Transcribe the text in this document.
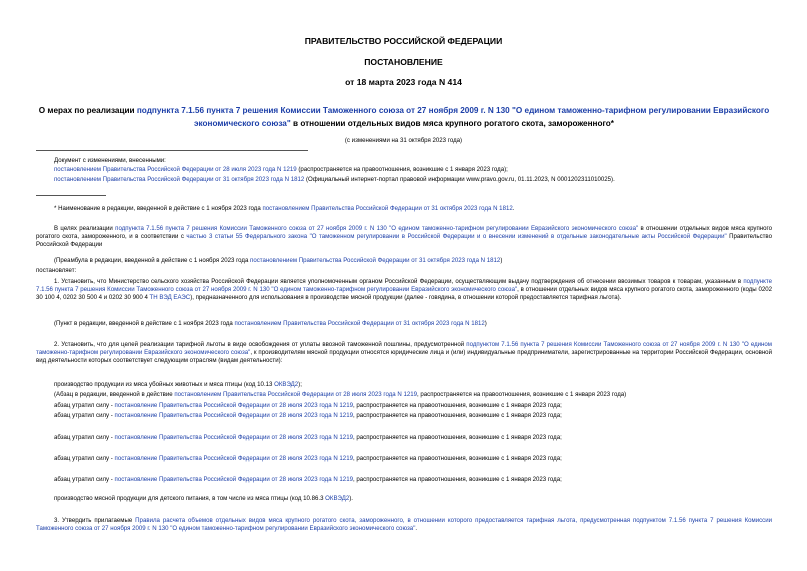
ПРАВИТЕЛЬСТВО РОССИЙСКОЙ ФЕДЕРАЦИИ
ПОСТАНОВЛЕНИЕ
от 18 марта 2023 года N 414
О мерах по реализации подпункта 7.1.56 пункта 7 решения Комиссии Таможенного союза от 27 ноября 2009 г. N 130 "О едином таможенно-тарифном регулировании Евразийского экономического союза" в отношении отдельных видов мяса крупного рогатого скота, замороженного*
(с изменениями на 31 октября 2023 года)
Документ с изменениями, внесенными:
постановлением Правительства Российской Федерации от 28 июля 2023 года N 1219 (распространяется на правоотношения, возникшие с 1 января 2023 года);
постановлением Правительства Российской Федерации от 31 октября 2023 года N 1812 (Официальный интернет-портал правовой информации www.pravo.gov.ru, 01.11.2023, N 0001202311010025).
* Наименование в редакции, введенной в действие с 1 ноября 2023 года постановлением Правительства Российской Федерации от 31 октября 2023 года N 1812.
В целях реализации подпункта 7.1.56 пункта 7 решения Комиссии Таможенного союза от 27 ноября 2009 г. N 130 "О едином таможенно-тарифном регулировании Евразийского экономического союза" в отношении отдельных видов мяса крупного рогатого скота, замороженного, и в соответствии с частью 3 статьи 55 Федерального закона "О таможенном регулировании в Российской Федерации и о внесении изменений в отдельные законодательные акты Российской Федерации" Правительство Российской Федерации
(Преамбула в редакции, введенной в действие с 1 ноября 2023 года постановлением Правительства Российской Федерации от 31 октября 2023 года N 1812)
постановляет:
1. Установить, что Министерство сельского хозяйства Российской Федерации является уполномоченным органом Российской Федерации, осуществляющим выдачу подтверждения об отнесении ввозимых товаров к товарам, указанным в подпункте 7.1.56 пункта 7 решения Комиссии Таможенного союза от 27 ноября 2009 г. N 130 "О едином таможенно-тарифном регулировании Евразийского экономического союза", в отношении отдельных видов мяса крупного рогатого скота, замороженного (коды 0202 30 100 4, 0202 30 500 4 и 0202 30 900 4 ТН ВЭД ЕАЭС), предназначенного для использования в производстве мясной продукции (далее - говядина, в отношении которой предоставляется тарифная льгота).
(Пункт в редакции, введенной в действие с 1 ноября 2023 года постановлением Правительства Российской Федерации от 31 октября 2023 года N 1812)
2. Установить, что для целей реализации тарифной льготы в виде освобождения от уплаты ввозной таможенной пошлины, предусмотренной подпунктом 7.1.56 пункта 7 решения Комиссии Таможенного союза от 27 ноября 2009 г. N 130 "О едином таможенно-тарифном регулировании Евразийского экономического союза", к производителям мясной продукции относятся юридические лица и (или) индивидуальные предприниматели, зарегистрированные на территории Российской Федерации, основной вид деятельности которых соответствует следующим отраслям (видам деятельности):
производство продукции из мяса убойных животных и мяса птицы (код 10.13 ОКВЭД2);
(Абзац в редакции, введенной в действие постановлением Правительства Российской Федерации от 28 июля 2023 года N 1219, распространяется на правоотношения, возникшие с 1 января 2023 года)
абзац утратил силу - постановление Правительства Российской Федерации от 28 июля 2023 года N 1219, распространяется на правоотношения, возникшие с 1 января 2023 года;
абзац утратил силу - постановление Правительства Российской Федерации от 28 июля 2023 года N 1219, распространяется на правоотношения, возникшие с 1 января 2023 года;
абзац утратил силу - постановление Правительства Российской Федерации от 28 июля 2023 года N 1219, распространяется на правоотношения, возникшие с 1 января 2023 года;
абзац утратил силу - постановление Правительства Российской Федерации от 28 июля 2023 года N 1219, распространяется на правоотношения, возникшие с 1 января 2023 года;
абзац утратил силу - постановление Правительства Российской Федерации от 28 июля 2023 года N 1219, распространяется на правоотношения, возникшие с 1 января 2023 года;
производство мясной продукции для детского питания, в том числе из мяса птицы (код 10.86.3 ОКВЭД2).
3. Утвердить прилагаемые Правила расчета объемов отдельных видов мяса крупного рогатого скота, замороженного, в отношении которого предоставляется тарифная льгота, предусмотренная подпунктом 7.1.56 пункта 7 решения Комиссии Таможенного союза от 27 ноября 2009 г. N 130 "О едином таможенно-тарифном регулировании Евразийского экономического союза".
